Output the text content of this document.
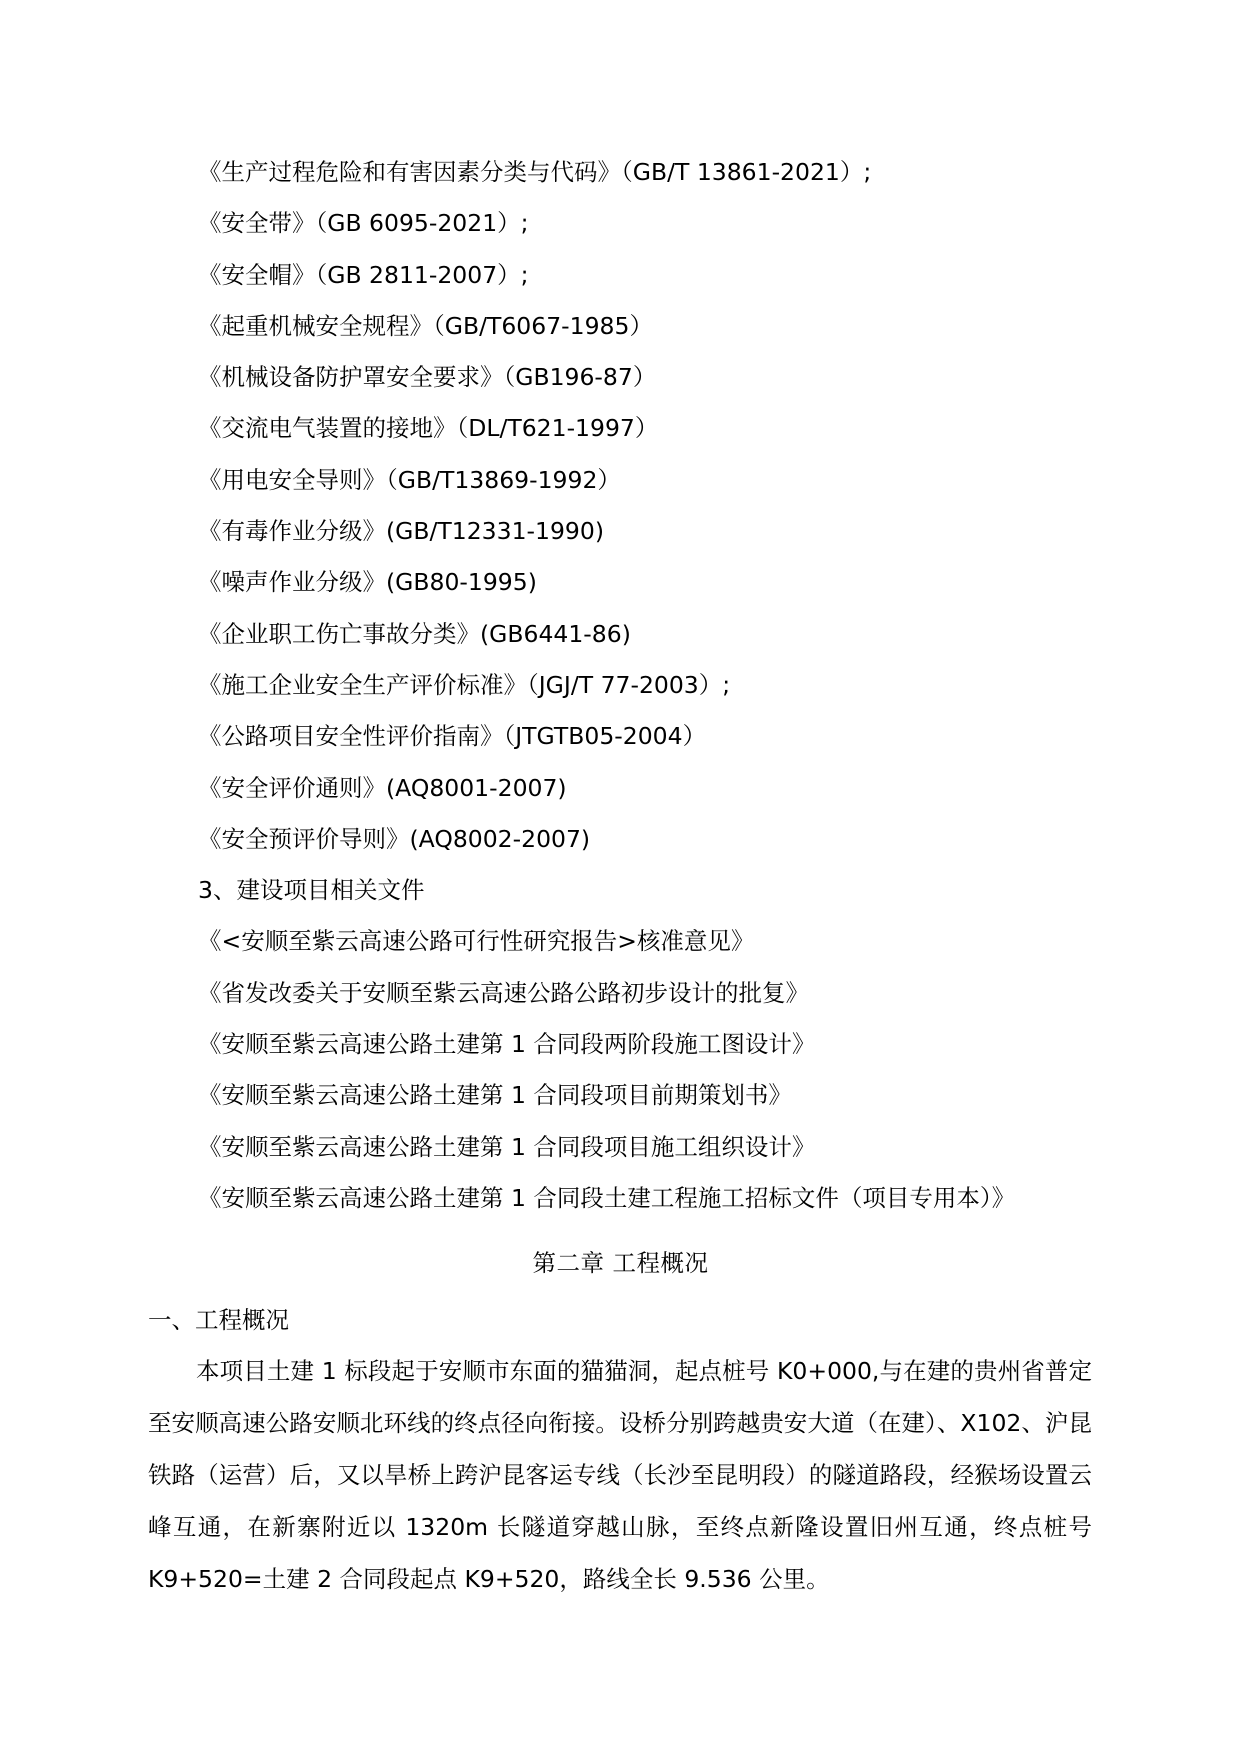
《生产过程危险和有害因素分类与代码》（GB/T 13861-2021）;
《安全带》（GB 6095-2021）;
《安全帽》（GB 2811-2007）;
《起重机械安全规程》（GB/T6067-1985）
《机械设备防护罩安全要求》（GB196-87）
《交流电气装置的接地》（DL/T621-1997）
《用电安全导则》（GB/T13869-1992）
《有毒作业分级》(GB/T12331-1990)
《噪声作业分级》(GB80-1995)
《企业职工伤亡事故分类》(GB6441-86)
《施工企业安全生产评价标准》（JGJ/T 77-2003）;
《公路项目安全性评价指南》（JTGTB05-2004）
《安全评价通则》(AQ8001-2007)
《安全预评价导则》(AQ8002-2007)
3、建设项目相关文件
《<安顺至紫云高速公路可行性研究报告>核准意见》
《省发改委关于安顺至紫云高速公路公路初步设计的批复》
《安顺至紫云高速公路土建第 1 合同段两阶段施工图设计》
《安顺至紫云高速公路土建第 1 合同段项目前期策划书》
《安顺至紫云高速公路土建第 1 合同段项目施工组织设计》
《安顺至紫云高速公路土建第 1 合同段土建工程施工招标文件（项目专用本）》
第二章 工程概况
一、工程概况

本项目土建 1 标段起于安顺市东面的猫猫洞，起点桩号 K0+000,与在建的贵州省普定至安顺高速公路安顺北环线的终点径向衔接。设桥分别跨越贵安大道（在建）、X102、沪昆铁路（运营）后，又以旱桥上跨沪昆客运专线（长沙至昆明段）的隧道路段，经猴场设置云峰互通，在新寨附近以 1320m 长隧道穿越山脉，至终点新隆设置旧州互通，终点桩号 K9+520=土建 2 合同段起点 K9+520，路线全长 9.536 公里。
